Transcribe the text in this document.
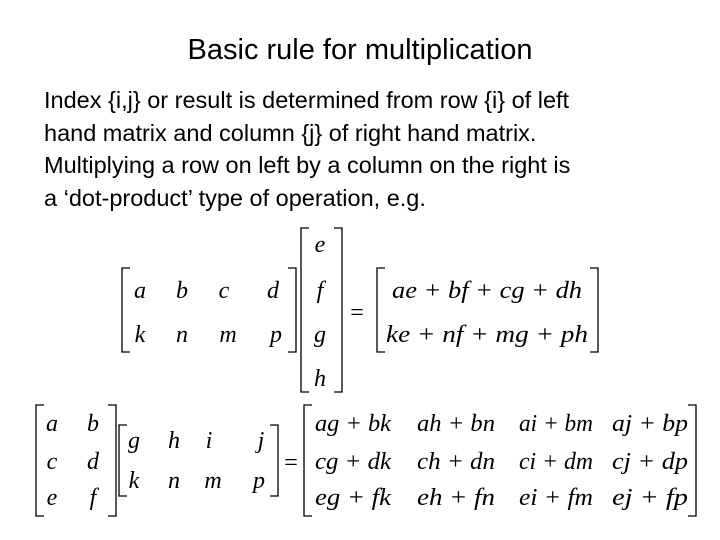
Basic rule for multiplication
Index {i,j} or result is determined from row {i} of left
hand matrix and column {j} of right hand matrix.
Multiplying a row on left by a column on the right is
a ‘dot-product’ type of operation, e.g.
a b c d
k n m p
e
f
g
h
=
ae + bf + cg + dh
ke + nf + mg + ph
a b
c d
e f
g h i j
k n m p
=
ag + bk ah + bn ai + bm aj + bp
cg + dk ch + dn ci + dm cj + dp
eg + fk eh + fn ei + fm ej + fp
